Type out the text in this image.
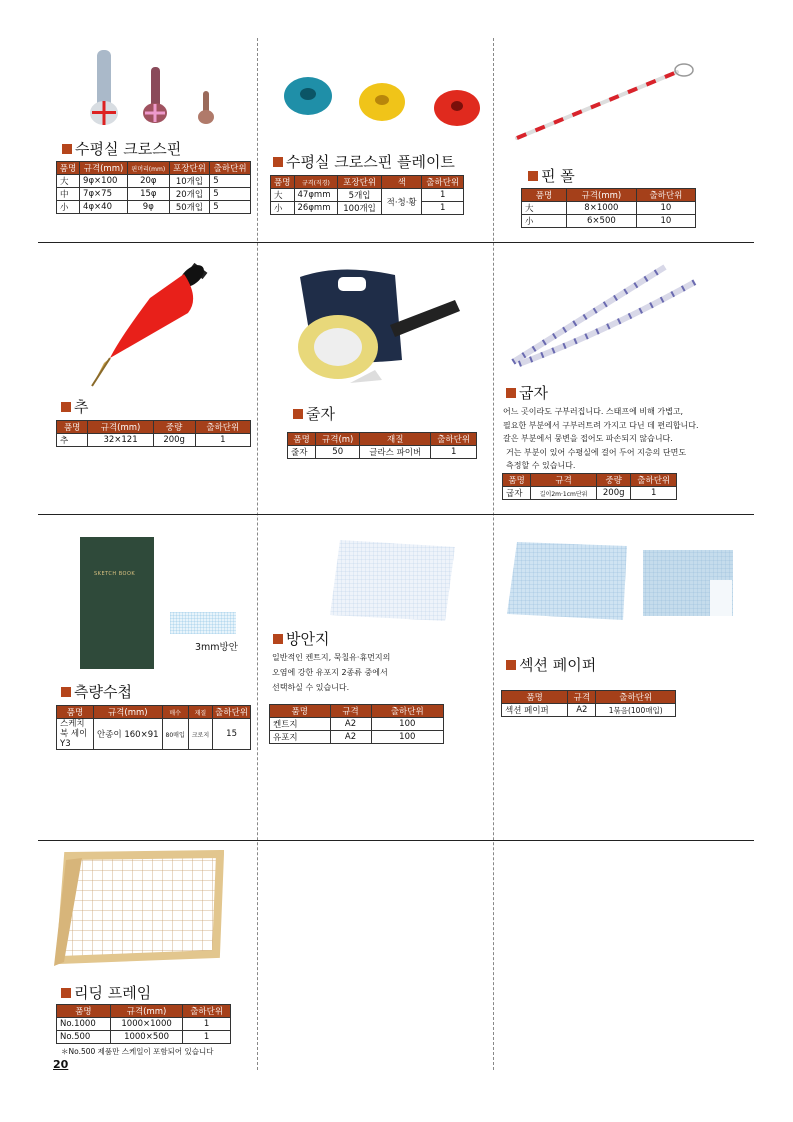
수평실 크로스핀
품명	규격(mm)	핀머리(mm)	포장단위	출하단위
大	9φ×100	20φ	10개입	5
中	7φ×75	15φ	20개입	5
小	4φ×40	9φ	50개입	5
수평실 크로스핀 플레이트
품명	규격(직경)	포장단위	색	출하단위
大	47φmm	5개입	적·청·황	1
小	26φmm	100개입		1
핀 폴
품명	규격(mm)	출하단위
大	8×1000	10
小	6×500	10
추
품명	규격(mm)	중량	출하단위
추	32×121	200g	1
줄자
품명	규격(m)	재질	출하단위
줄자	50	글라스 파이버	1
굽자
어느 곳이라도 구부러집니다. 스태프에 비해 가볍고,
필요한 부분에서 구부러트려 가지고 다닌 데 편리합니다.
갈은 부분에서 뭉변을 접어도 파손되지 않습니다.
거는 부분이 있어 수평실에 걸어 두어 지층의 단면도
측정할 수 있습니다.
품명	규격	중량	출하단위
굽자	길이2m·1cm단위	200g	1
SKETCH BOOK
3mm방안
측량수첩
품명	규격(mm)	매수	재질	출하단위
스케치 북 세이Y3	안종이 160×91	80매입	크로지	15
방안지
일반적인 켄트지, 묵칠유·휴먼지의
오염에 강한 유포지 2종류 중에서
선택하실 수 있습니다.
품명	규격	출하단위
켄트지	A2	100
유포지	A2	100
섹션 페이퍼
품명	규격	출하단위
섹션 페이퍼	A2	1묶음(100매입)
리딩 프레임
품명	규격(mm)	출하단위
No.1000	1000×1000	1
No.500	1000×500	1
＊No.500 제품만 스케일이 포함되어 있습니다
20
